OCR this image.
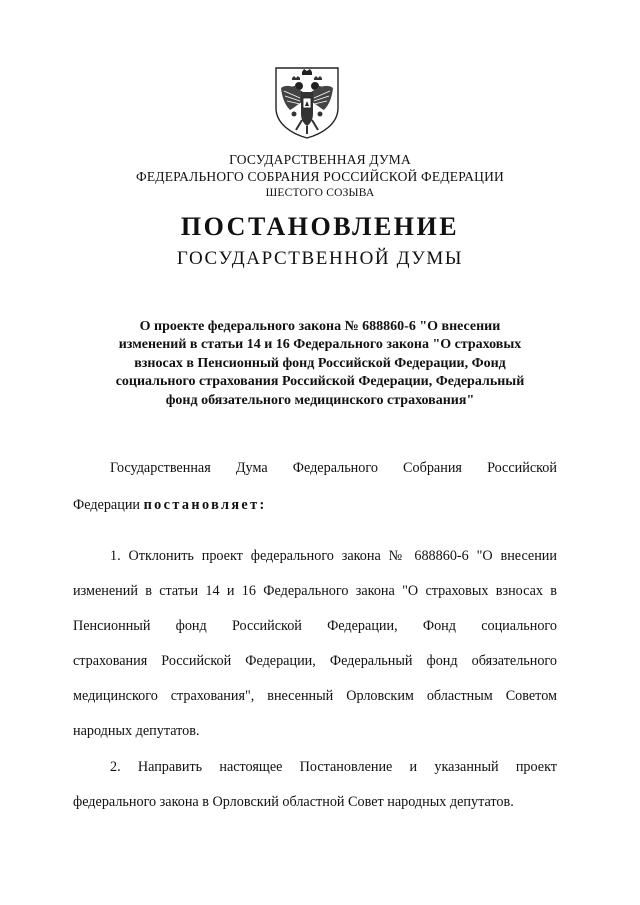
ГОСУДАРСТВЕННАЯ ДУМА
ФЕДЕРАЛЬНОГО СОБРАНИЯ РОССИЙСКОЙ ФЕДЕРАЦИИ
ШЕСТОГО СОЗЫВА
ПОСТАНОВЛЕНИЕ
ГОСУДАРСТВЕННОЙ ДУМЫ
О проекте федерального закона № 688860-6 "О внесении
изменений в статьи 14 и 16 Федерального закона "О страховых
взносах в Пенсионный фонд Российской Федерации, Фонд
социального страхования Российской Федерации, Федеральный
фонд обязательного медицинского страхования"
Государственная Дума Федерального Собрания Российской
Федерации постановляет:
1. Отклонить проект федерального закона № 688860-6 "О внесении
изменений в статьи 14 и 16 Федерального закона "О страховых взносах в
Пенсионный фонд Российской Федерации, Фонд социального
страхования Российской Федерации, Федеральный фонд обязательного
медицинского страхования", внесенный Орловским областным Советом
народных депутатов.
2. Направить настоящее Постановление и указанный проект
федерального закона в Орловский областной Совет народных депутатов.
